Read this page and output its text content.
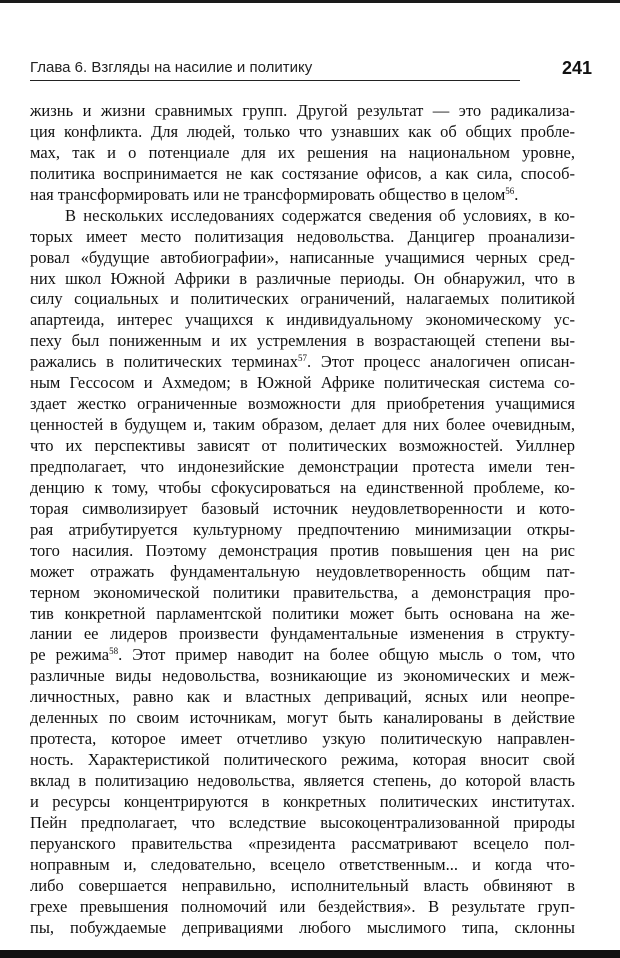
Глава 6. Взгляды на насилие и политику	241
жизнь и жизни сравнимых групп. Другой результат — это радикализа-
ция конфликта. Для людей, только что узнавших как об общих пробле-
мах, так и о потенциале для их решения на национальном уровне,
политика воспринимается не как состязание офисов, а как сила, способ-
ная трансформировать или не трансформировать общество в целом$^{56}$.
В нескольких исследованиях содержатся сведения об условиях, в ко-
торых имеет место политизация недовольства. Данцигер проанализи-
ровал «будущие автобиографии», написанные учащимися черных сред-
них школ Южной Африки в различные периоды. Он обнаружил, что в
силу социальных и политических ограничений, налагаемых политикой
апартеида, интерес учащихся к индивидуальному экономическому ус-
пеху был пониженным и их устремления в возрастающей степени вы-
ражались в политических терминах$^{57}$. Этот процесс аналогичен описан-
ным Гессосом и Ахмедом; в Южной Африке политическая система со-
здает жестко ограниченные возможности для приобретения учащимися
ценностей в будущем и, таким образом, делает для них более очевидным,
что их перспективы зависят от политических возможностей. Уиллнер
предполагает, что индонезийские демонстрации протеста имели тен-
денцию к тому, чтобы сфокусироваться на единственной проблеме, ко-
торая символизирует базовый источник неудовлетворенности и кото-
рая атрибутируется культурному предпочтению минимизации откры-
того насилия. Поэтому демонстрация против повышения цен на рис
может отражать фундаментальную неудовлетворенность общим пат-
терном экономической политики правительства, а демонстрация про-
тив конкретной парламентской политики может быть основана на же-
лании ее лидеров произвести фундаментальные изменения в структу-
ре режима$^{58}$. Этот пример наводит на более общую мысль о том, что
различные виды недовольства, возникающие из экономических и меж-
личностных, равно как и властных деприваций, ясных или неопре-
деленных по своим источникам, могут быть каналированы в действие
протеста, которое имеет отчетливо узкую политическую направлен-
ность. Характеристикой политического режима, которая вносит свой
вклад в политизацию недовольства, является степень, до которой власть
и ресурсы концентрируются в конкретных политических институтах.
Пейн предполагает, что вследствие высокоцентрализованной природы
перуанского правительства «президента рассматривают всецело пол-
ноправным и, следовательно, всецело ответственным... и когда что-
либо совершается неправильно, исполнительный власть обвиняют в
грехе превышения полномочий или бездействия». В результате груп-
пы, побуждаемые депривациями любого мыслимого типа, склонны
